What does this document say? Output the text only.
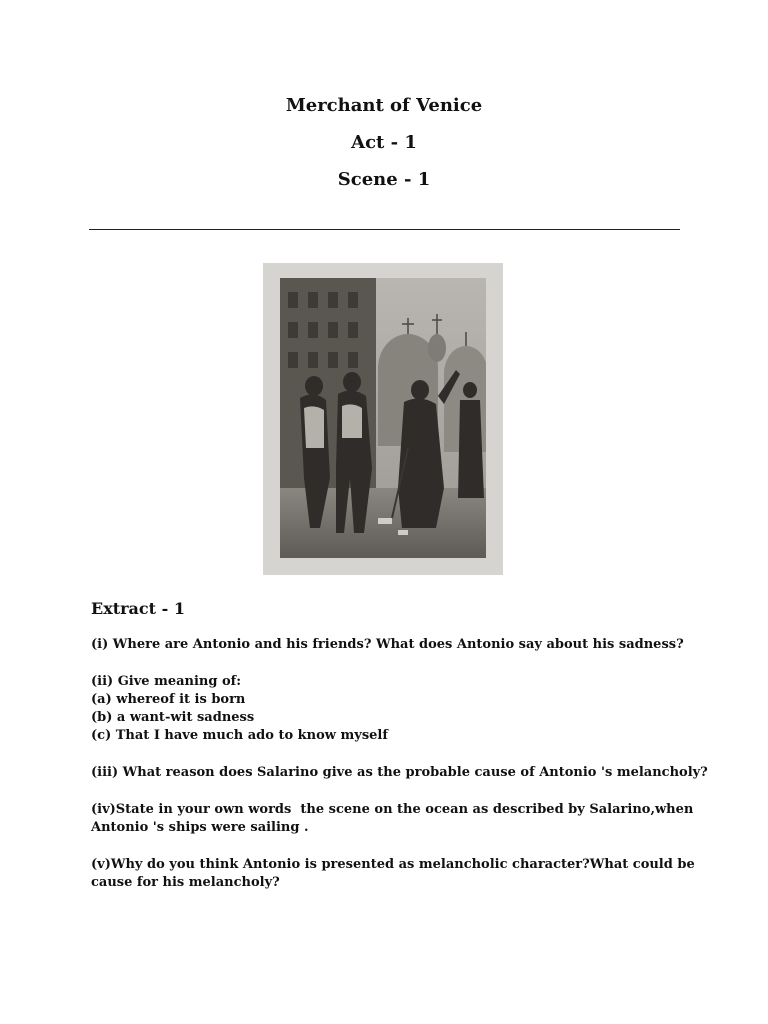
Merchant of Venice
Act - 1
Scene - 1
Extract - 1
(i) Where are Antonio and his friends? What does Antonio say about his sadness?
(ii) Give meaning of:
(a) whereof it is born
(b) a want-wit sadness
(c) That I have much ado to know myself
(iii) What reason does Salarino give as the probable cause of Antonio 's melancholy?
(iv)State in your own words  the scene on the ocean as described by Salarino,when
Antonio 's ships were sailing .
(v)Why do you think Antonio is presented as melancholic character?What could be
cause for his melancholy?
